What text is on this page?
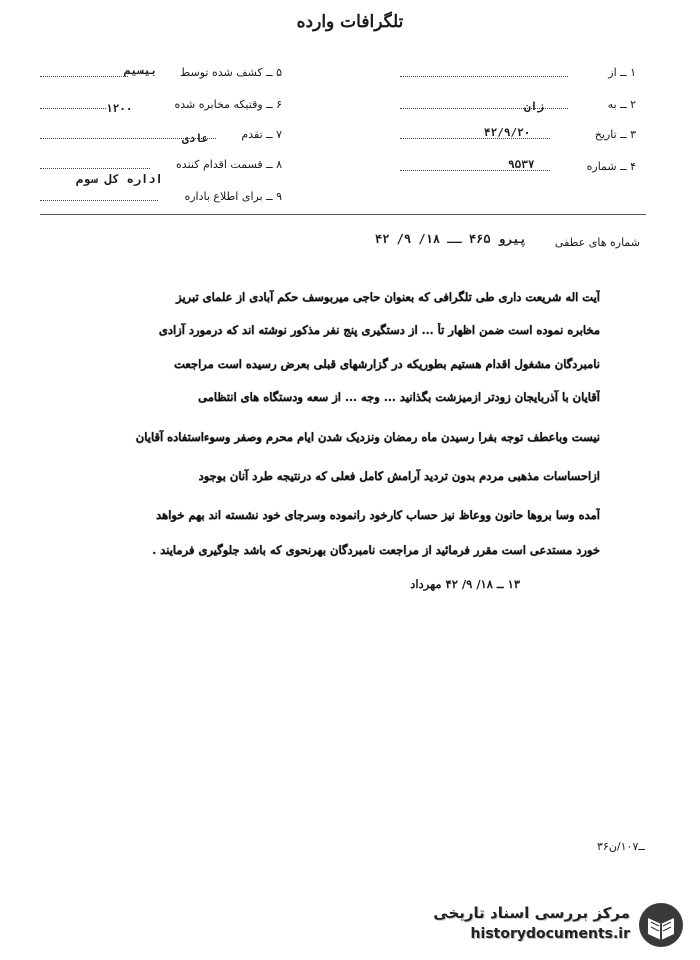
تلگرافات وارده
۱ ــ از
۲ ــ به
زان
۳ ــ تاریخ
۴۲/۹/۲۰
۴ ــ شماره
۹۵۳۷
۵ ــ کشف شده توسط
بیسیم
۶ ــ وقتیکه مخابره شده
۱۲۰۰
۷ ــ تقدم
عادی
۸ ــ قسمت اقدام کننده
اداره کل سوم
۹ ــ برای اطلاع باداره
شماره های عطفی
پیرو ۴۶۵ ــ ۱۸/ ۹/ ۴۲
آیت اله شریعت داری طی تلگرافی که بعنوان حاجی میربوسف حکم آبادی از علمای تبریز
مخابره نموده است ضمن اظهار تأ ... از دستگیری پنج نفر مذکور نوشته اند که درمورد آزادی
نامبردگان مشغول اقدام هستیم بطوریکه در گزارشهای قبلی بعرض رسیده است مراجعت
آقایان با آذربایجان زودتر ازمیزشت بگذانید ... وجه ... از سعه ودستگاه های انتظامی
نیست وباعطف توجه بفرا رسیدن ماه رمضان ونزدیک شدن ایام محرم وصفر وسوءاستفاده آقایان
ازاحساسات مذهبی مردم بدون تردید آرامش کامل فعلی که درنتیجه طرد آنان بوجود
آمده وسا بروها حانون ووعاظ نیز حساب کارخود رانموده وسرجای خود نشسته اند بهم خواهد
خورد مستدعی است مقرر فرمائید از مراجعت نامبردگان بهرنحوی که باشد جلوگیری فرمایند .
۱۳ ــ ۱۸/ ۹/ ۴۲ مهرداد
۳۶ــ۱۰۷/ن
مرکز بررسی اسناد تاریخی
historydocuments.ir
